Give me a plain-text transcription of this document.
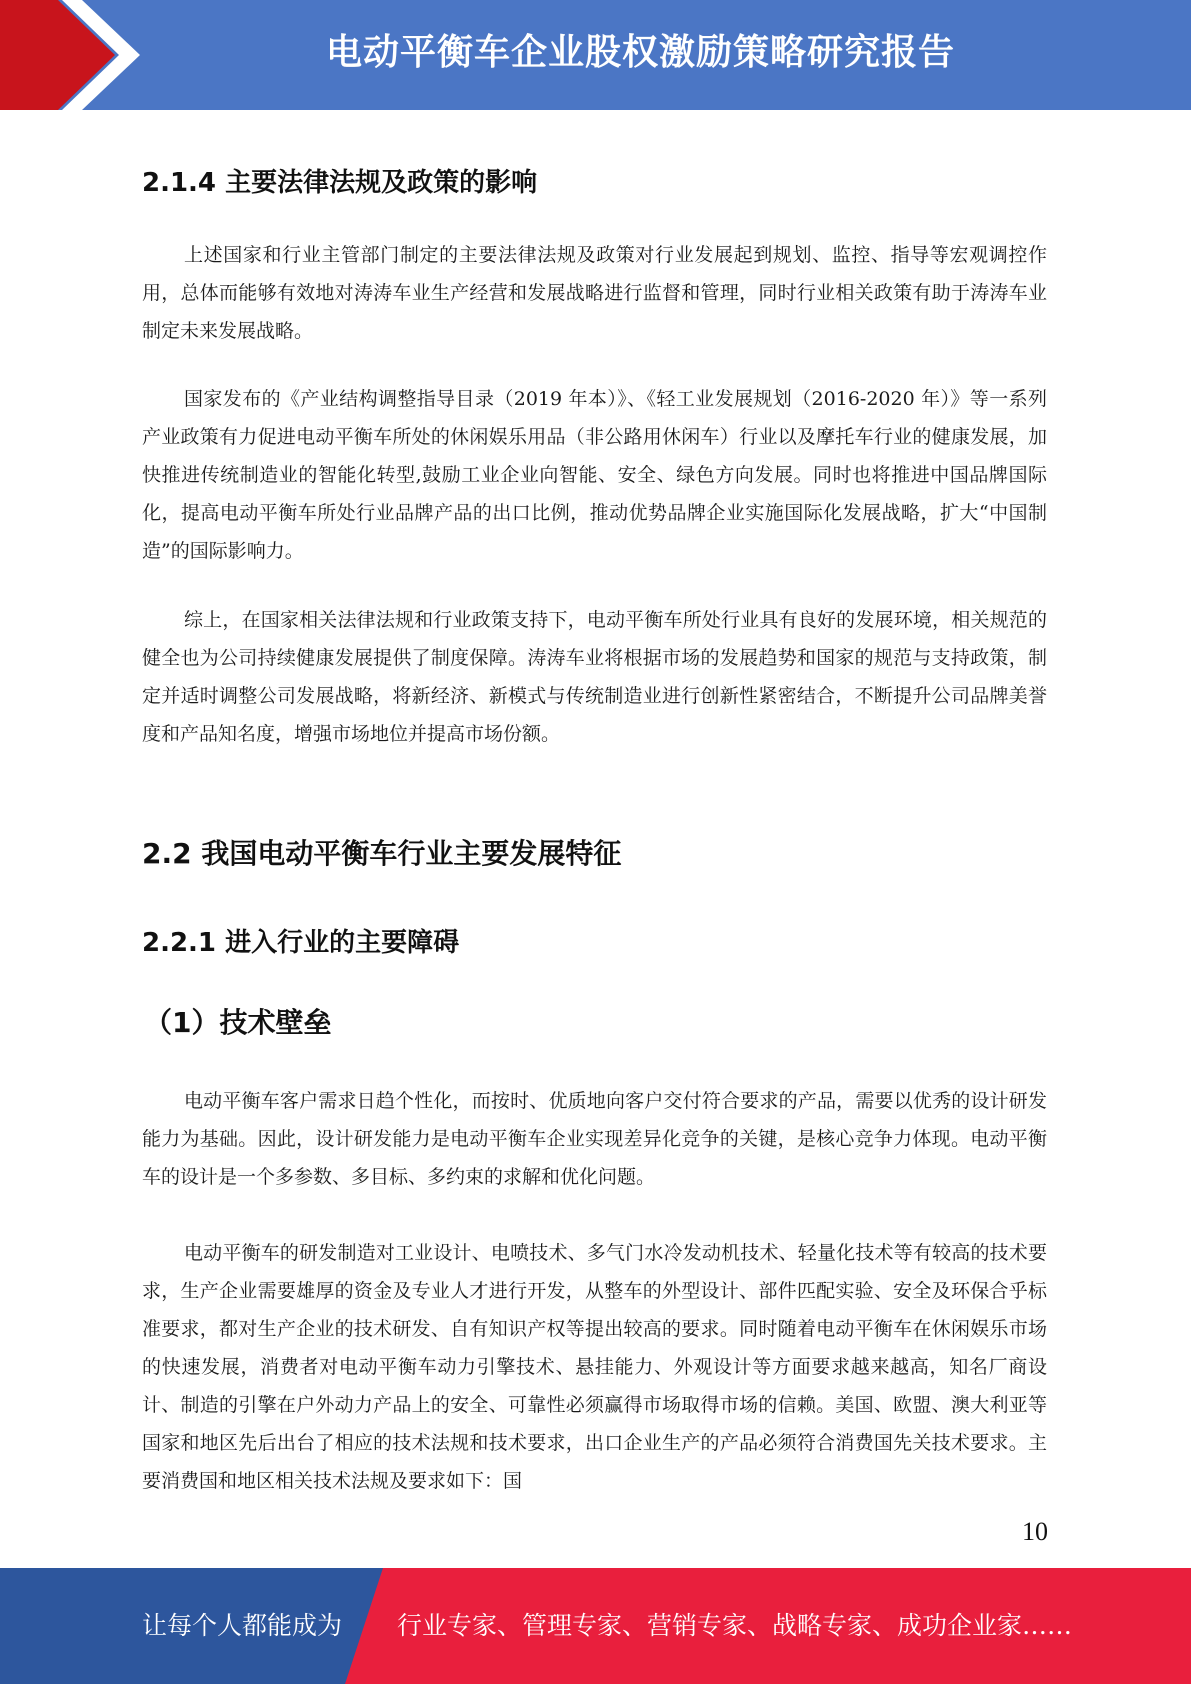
电动平衡车企业股权激励策略研究报告
2.1.4 主要法律法规及政策的影响
上述国家和行业主管部门制定的主要法律法规及政策对行业发展起到规划、监控、指导等宏观调控作用，总体而能够有效地对涛涛车业生产经营和发展战略进行监督和管理，同时行业相关政策有助于涛涛车业制定未来发展战略。
国家发布的《产业结构调整指导目录（2019 年本）》、《轻工业发展规划（2016-2020 年）》等一系列产业政策有力促进电动平衡车所处的休闲娱乐用品（非公路用休闲车）行业以及摩托车行业的健康发展，加快推进传统制造业的智能化转型,鼓励工业企业向智能、安全、绿色方向发展。同时也将推进中国品牌国际化，提高电动平衡车所处行业品牌产品的出口比例，推动优势品牌企业实施国际化发展战略，扩大“中国制造”的国际影响力。
综上，在国家相关法律法规和行业政策支持下，电动平衡车所处行业具有良好的发展环境，相关规范的健全也为公司持续健康发展提供了制度保障。涛涛车业将根据市场的发展趋势和国家的规范与支持政策，制定并适时调整公司发展战略，将新经济、新模式与传统制造业进行创新性紧密结合，不断提升公司品牌美誉度和产品知名度，增强市场地位并提高市场份额。
2.2 我国电动平衡车行业主要发展特征
2.2.1 进入行业的主要障碍
（1）技术壁垒
电动平衡车客户需求日趋个性化，而按时、优质地向客户交付符合要求的产品，需要以优秀的设计研发能力为基础。因此，设计研发能力是电动平衡车企业实现差异化竞争的关键，是核心竞争力体现。电动平衡车的设计是一个多参数、多目标、多约束的求解和优化问题。
电动平衡车的研发制造对工业设计、电喷技术、多气门水冷发动机技术、轻量化技术等有较高的技术要求，生产企业需要雄厚的资金及专业人才进行开发，从整车的外型设计、部件匹配实验、安全及环保合乎标准要求，都对生产企业的技术研发、自有知识产权等提出较高的要求。同时随着电动平衡车在休闲娱乐市场的快速发展，消费者对电动平衡车动力引擎技术、悬挂能力、外观设计等方面要求越来越高，知名厂商设计、制造的引擎在户外动力产品上的安全、可靠性必须赢得市场取得市场的信赖。美国、欧盟、澳大利亚等国家和地区先后出台了相应的技术法规和技术要求，出口企业生产的产品必须符合消费国先关技术要求。主要消费国和地区相关技术法规及要求如下：国
10
让每个人都能成为 行业专家、管理专家、营销专家、战略专家、成功企业家……
